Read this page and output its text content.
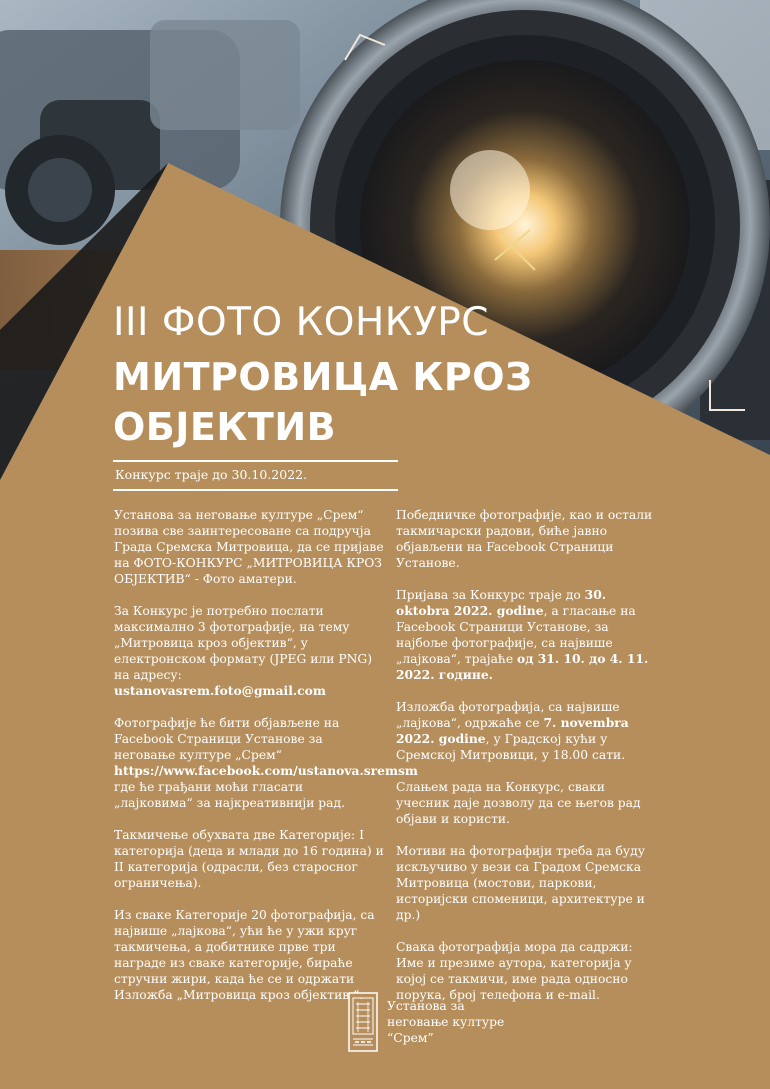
III ФОТО КОНКУРС
МИТРОВИЦА КРОЗ
ОБЈЕКТИВ
Конкурс траје до 30.10.2022.

Установа за неговање културе „Срем“ позива све заинтересоване са подручја Града Сремска Митровица, да се пријаве на ФОТО-КОНКУРС „МИТРОВИЦА КРОЗ ОБЈЕКТИВ“ - Фото аматери.

За Конкурс је потребно послати максимално 3 фотографије, на тему „Митровица кроз објектив“, у електронском формату (JPEG или PNG) на адресу:
ustanovasrem.foto@gmail.com

Фотографије ће бити објављене на Facebook Страници Установе за неговање културе „Срем“
https://www.facebook.com/ustanova.sremsm
где ће грађани моћи гласати „лајковима“ за најкреативнији рад.

Такмичење обухвата две Категорије: I категорија (деца и млади до 16 година) и II категорија (одрасли, без старосног ограничења).

Из сваке Категорије 20 фотографија, са највише „лајкова“, ући ће у ужи круг такмичења, а добитнике прве три награде из сваке категорије, бираће стручни жири, када ће се и одржати Изложба „Митровица кроз објектив “.

Победничке фотографије, као и остали такмичарски радови, биће јавно објављени на Facebook Страници Установе.

Пријава за Конкурс траје до 30. oktobra 2022. godine, а гласање на Facebook Страници Установе, за најбоље фотографије, са највише „лајкова“, трајаће од 31. 10. до 4. 11. 2022. године.

Изложба фотографија, са највише „лајкова“, одржаће се 7. novembra 2022. godine, у Градској кући у Сремској Митровици, у 18.00 сати.

Слањем рада на Конкурс, сваки учесник даје дозволу да се његов рад објави и користи.

Мотиви на фотографији треба да буду искључиво у вези са Градом Сремска Митровица (мостови, паркови, историјски споменици, архитектуре и др.)

Свака фотографија мора да садржи: Име и презиме аутора, категорија у којој се такмичи, име рада односно порука, број телефона и e-mail.

Установа за
неговање културе
“Срем”
